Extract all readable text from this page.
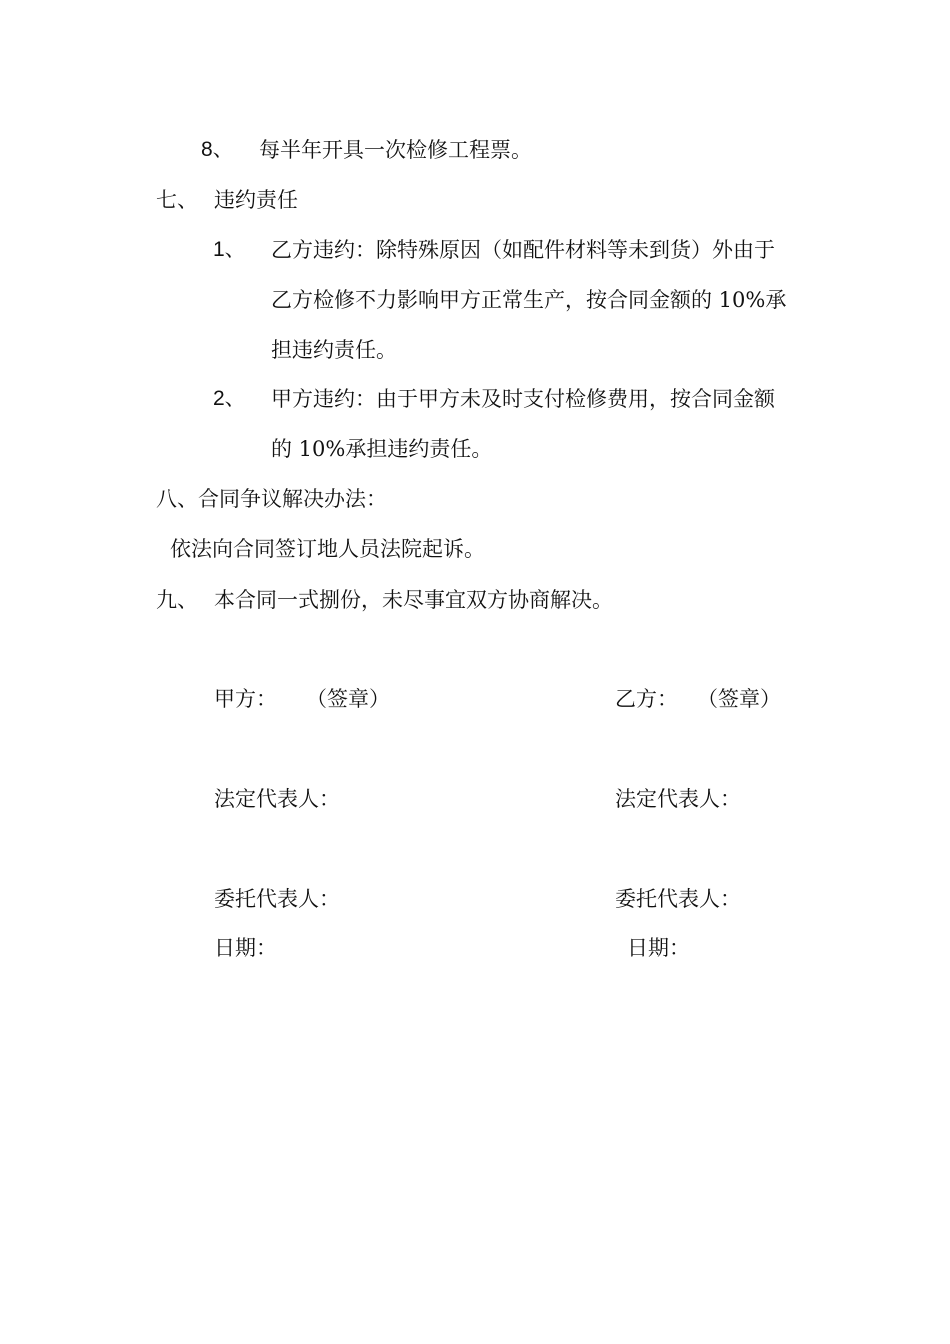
8、 每半年开具一次检修工程票。
七、 违约责任
1、 乙方违约：除特殊原因（如配件材料等未到货）外由于
乙方检修不力影响甲方正常生产，按合同金额的 10%承
担违约责任。
2、 甲方违约：由于甲方未及时支付检修费用，按合同金额
的 10%承担违约责任。
八、合同争议解决办法：
依法向合同签订地人员法院起诉。
九、 本合同一式捌份，未尽事宜双方协商解决。
甲方： （签章）
法定代表人：
委托代表人：
日期：
乙方： （签章）
法定代表人：
委托代表人：
日期：
